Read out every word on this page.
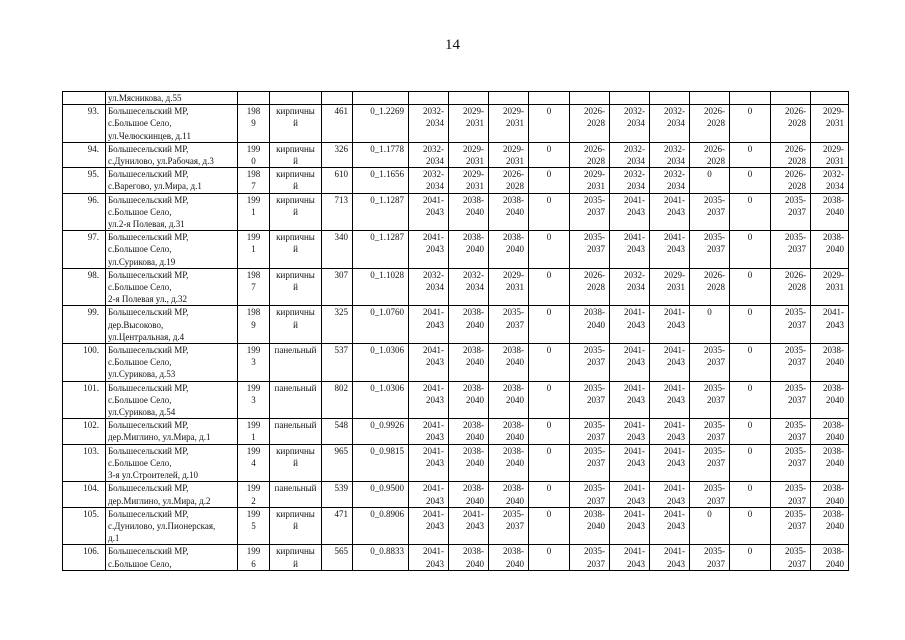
14
	ул.Мясникова, д.55															
93.	Большесельский МР,
с.Большое Село,
ул.Челюскинцев, д.11	198
9	кирпичны
й	461	0_1.2269	2032-
2034	2029-
2031	2029-
2031	0	2026-
2028	2032-
2034	2032-
2034	2026-
2028	0	2026-
2028	2029-
2031

94.	Большесельский МР,
с.Дунилово, ул.Рабочая, д.3	199
0	кирпичны
й	326	0_1.1778	2032-
2034	2029-
2031	2029-
2031	0	2026-
2028	2032-
2034	2032-
2034	2026-
2028	0	2026-
2028	2029-
2031

95.	Большесельский МР,
с.Варегово, ул.Мира, д.1	198
7	кирпичны
й	610	0_1.1656	2032-
2034	2029-
2031	2026-
2028	0	2029-
2031	2032-
2034	2032-
2034	0	0	2026-
2028	2032-
2034

96.	Большесельский МР,
с.Большое Село,
ул.2-я Полевая, д.31	199
1	кирпичны
й	713	0_1.1287	2041-
2043	2038-
2040	2038-
2040	0	2035-
2037	2041-
2043	2041-
2043	2035-
2037	0	2035-
2037	2038-
2040

97.	Большесельский МР,
с.Большое Село,
ул.Сурикова, д.19	199
1	кирпичны
й	340	0_1.1287	2041-
2043	2038-
2040	2038-
2040	0	2035-
2037	2041-
2043	2041-
2043	2035-
2037	0	2035-
2037	2038-
2040

98.	Большесельский МР,
с.Большое Село,
2-я Полевая ул., д.32	198
7	кирпичны
й	307	0_1.1028	2032-
2034	2032-
2034	2029-
2031	0	2026-
2028	2032-
2034	2029-
2031	2026-
2028	0	2026-
2028	2029-
2031

99.	Большесельский МР,
дер.Высоково,
ул.Центральная, д.4	198
9	кирпичны
й	325	0_1.0760	2041-
2043	2038-
2040	2035-
2037	0	2038-
2040	2041-
2043	2041-
2043	0	0	2035-
2037	2041-
2043

100.	Большесельский МР,
с.Большое Село,
ул.Сурикова, д.53	199
3	панельный	537	0_1.0306	2041-
2043	2038-
2040	2038-
2040	0	2035-
2037	2041-
2043	2041-
2043	2035-
2037	0	2035-
2037	2038-
2040

101.	Большесельский МР,
с.Большое Село,
ул.Сурикова, д.54	199
3	панельный	802	0_1.0306	2041-
2043	2038-
2040	2038-
2040	0	2035-
2037	2041-
2043	2041-
2043	2035-
2037	0	2035-
2037	2038-
2040

102.	Большесельский МР,
дер.Миглино, ул.Мира, д.1	199
1	панельный	548	0_0.9926	2041-
2043	2038-
2040	2038-
2040	0	2035-
2037	2041-
2043	2041-
2043	2035-
2037	0	2035-
2037	2038-
2040

103.	Большесельский МР,
с.Большое Село,
3-я ул.Строителей, д.10	199
4	кирпичны
й	965	0_0.9815	2041-
2043	2038-
2040	2038-
2040	0	2035-
2037	2041-
2043	2041-
2043	2035-
2037	0	2035-
2037	2038-
2040

104.	Большесельский МР,
дер.Миглино, ул.Мира, д.2	199
2	панельный	539	0_0.9500	2041-
2043	2038-
2040	2038-
2040	0	2035-
2037	2041-
2043	2041-
2043	2035-
2037	0	2035-
2037	2038-
2040

105.	Большесельский МР,
с.Дунилово, ул.Пионерская,
д.1	199
5	кирпичны
й	471	0_0.8906	2041-
2043	2041-
2043	2035-
2037	0	2038-
2040	2041-
2043	2041-
2043	0	0	2035-
2037	2038-
2040

106.	Большесельский МР,
с.Большое Село,	199
6	кирпичны
й	565	0_0.8833	2041-
2043	2038-
2040	2038-
2040	0	2035-
2037	2041-
2043	2041-
2043	2035-
2037	0	2035-
2037	2038-
2040
